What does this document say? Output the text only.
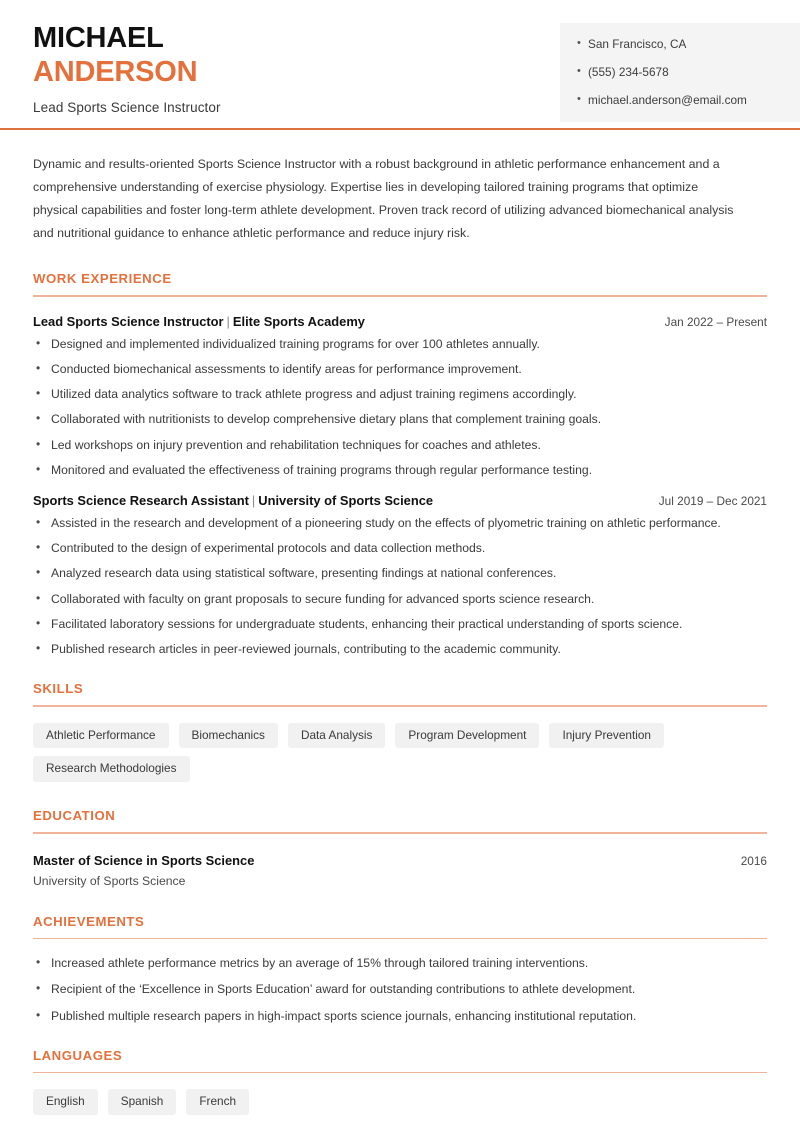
MICHAEL
ANDERSON
Lead Sports Science Instructor
• San Francisco, CA
• (555) 234-5678
• michael.anderson@email.com

Dynamic and results-oriented Sports Science Instructor with a robust background in athletic performance enhancement and a comprehensive understanding of exercise physiology. Expertise lies in developing tailored training programs that optimize physical capabilities and foster long-term athlete development. Proven track record of utilizing advanced biomechanical analysis and nutritional guidance to enhance athletic performance and reduce injury risk.

WORK EXPERIENCE
Lead Sports Science Instructor | Elite Sports Academy	Jan 2022 – Present
• Designed and implemented individualized training programs for over 100 athletes annually.
• Conducted biomechanical assessments to identify areas for performance improvement.
• Utilized data analytics software to track athlete progress and adjust training regimens accordingly.
• Collaborated with nutritionists to develop comprehensive dietary plans that complement training goals.
• Led workshops on injury prevention and rehabilitation techniques for coaches and athletes.
• Monitored and evaluated the effectiveness of training programs through regular performance testing.
Sports Science Research Assistant | University of Sports Science	Jul 2019 – Dec 2021
• Assisted in the research and development of a pioneering study on the effects of plyometric training on athletic performance.
• Contributed to the design of experimental protocols and data collection methods.
• Analyzed research data using statistical software, presenting findings at national conferences.
• Collaborated with faculty on grant proposals to secure funding for advanced sports science research.
• Facilitated laboratory sessions for undergraduate students, enhancing their practical understanding of sports science.
• Published research articles in peer-reviewed journals, contributing to the academic community.
SKILLS
Athletic Performance	Biomechanics	Data Analysis	Program Development	Injury Prevention
Research Methodologies
EDUCATION
Master of Science in Sports Science	2016
University of Sports Science
ACHIEVEMENTS
• Increased athlete performance metrics by an average of 15% through tailored training interventions.
• Recipient of the ‘Excellence in Sports Education’ award for outstanding contributions to athlete development.
• Published multiple research papers in high-impact sports science journals, enhancing institutional reputation.
LANGUAGES
English	Spanish	French
